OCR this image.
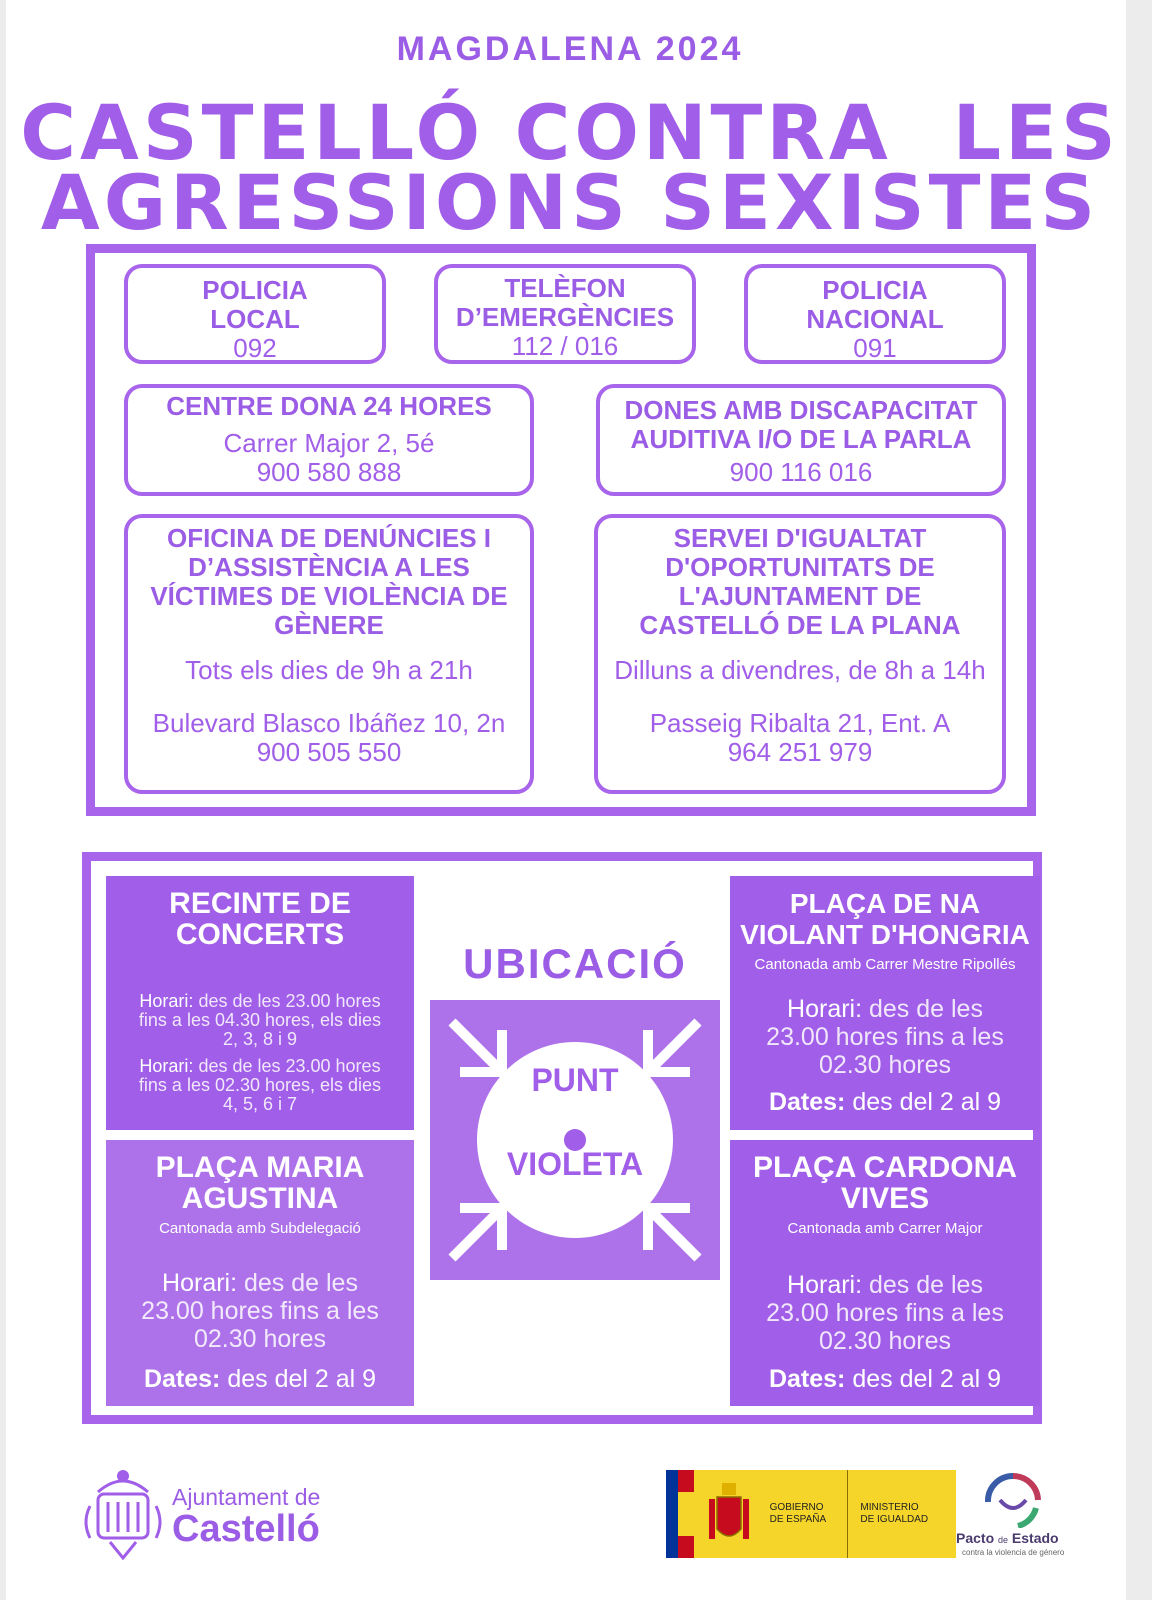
MAGDALENA 2024
CASTELLÓ CONTRA  LES
AGRESSIONS SEXISTES
POLICIA
LOCAL
092
TELÈFON
D’EMERGÈNCIES
112 / 016
POLICIA
NACIONAL
091
CENTRE DONA 24 HORES
Carrer Major 2, 5é
900 580 888
DONES AMB DISCAPACITAT
AUDITIVA I/O DE LA PARLA
900 116 016
OFICINA DE DENÚNCIES I
D’ASSISTÈNCIA A LES
VÍCTIMES DE VIOLÈNCIA DE
GÈNERE
Tots els dies de 9h a 21h
Bulevard Blasco Ibáñez 10, 2n
900 505 550
SERVEI D'IGUALTAT
D'OPORTUNITATS DE
L'AJUNTAMENT DE
CASTELLÓ DE LA PLANA
Dilluns a divendres, de 8h a 14h
Passeig Ribalta 21, Ent. A
964 251 979
RECINTE DE
CONCERTS
Horari: des de les 23.00 hores
fins a les 04.30 hores, els dies
2, 3, 8 i 9
Horari: des de les 23.00 hores
fins a les 02.30 hores, els dies
4, 5, 6 i 7
PLAÇA MARIA
AGUSTINA
Cantonada amb Subdelegació
Horari: des de les
23.00 hores fins a les
02.30 hores
Dates: des del 2 al 9
PLAÇA DE NA
VIOLANT D'HONGRIA
Cantonada amb Carrer Mestre Ripollés
Horari: des de les
23.00 hores fins a les
02.30 hores
Dates: des del 2 al 9
PLAÇA CARDONA
VIVES
Cantonada amb Carrer Major
Horari: des de les
23.00 hores fins a les
02.30 hores
Dates: des del 2 al 9
UBICACIÓ
PUNT
VIOLETA
Ajuntament de
Castelló
GOBIERNO
DE ESPAÑA
MINISTERIO
DE IGUALDAD
Pacto de Estado
contra la violencia de género
